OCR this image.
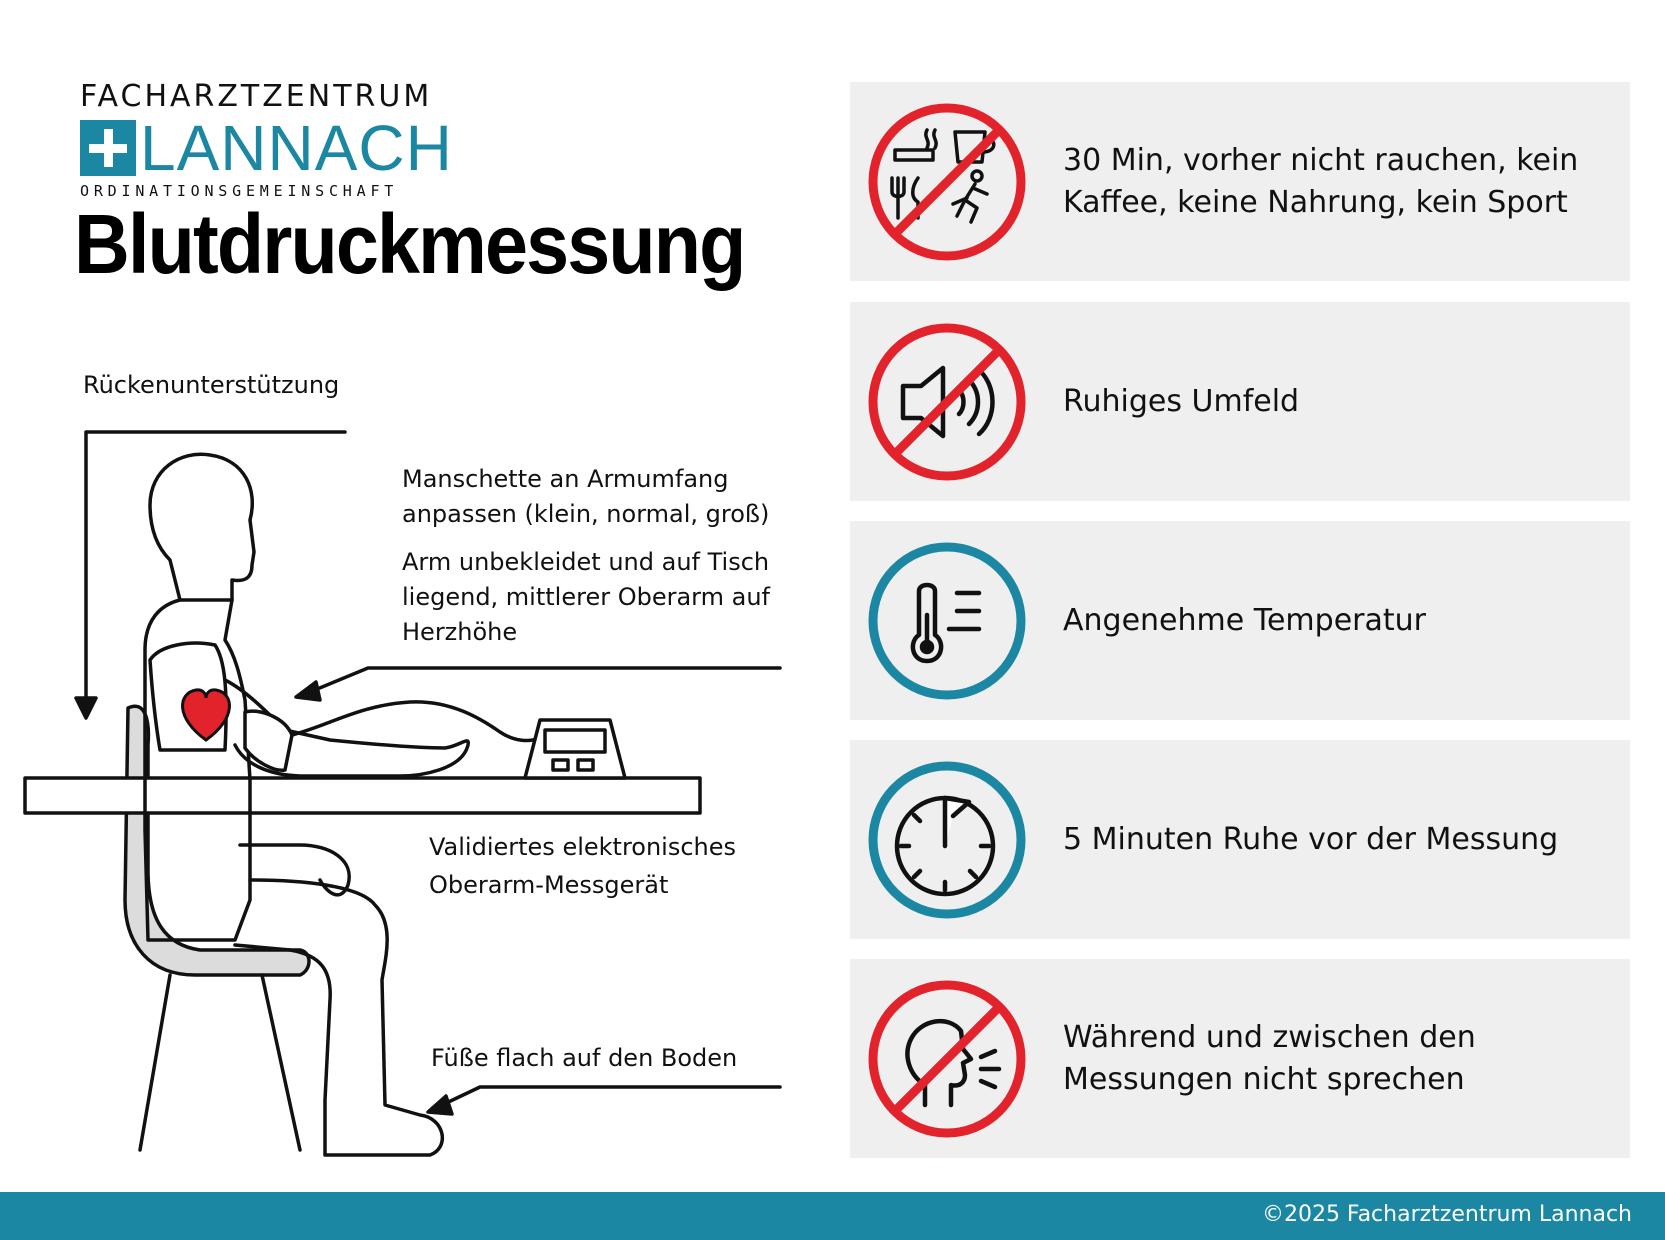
FACHARZTZENTRUM
LANNACH
ORDINATIONSGEMEINSCHAFT
Blutdruckmessung
Rückenunterstützung
Manschette an Armumfang
anpassen (klein, normal, groß)
Arm unbekleidet und auf Tisch
liegend, mittlerer Oberarm auf
Herzhöhe
Validiertes elektronisches
Oberarm-Messgerät
Füße flach auf den Boden
30 Min, vorher nicht rauchen, kein
Kaffee, keine Nahrung, kein Sport
Ruhiges Umfeld
Angenehme Temperatur
5 Minuten Ruhe vor der Messung
Während und zwischen den
Messungen nicht sprechen
©2025 Facharztzentrum Lannach
